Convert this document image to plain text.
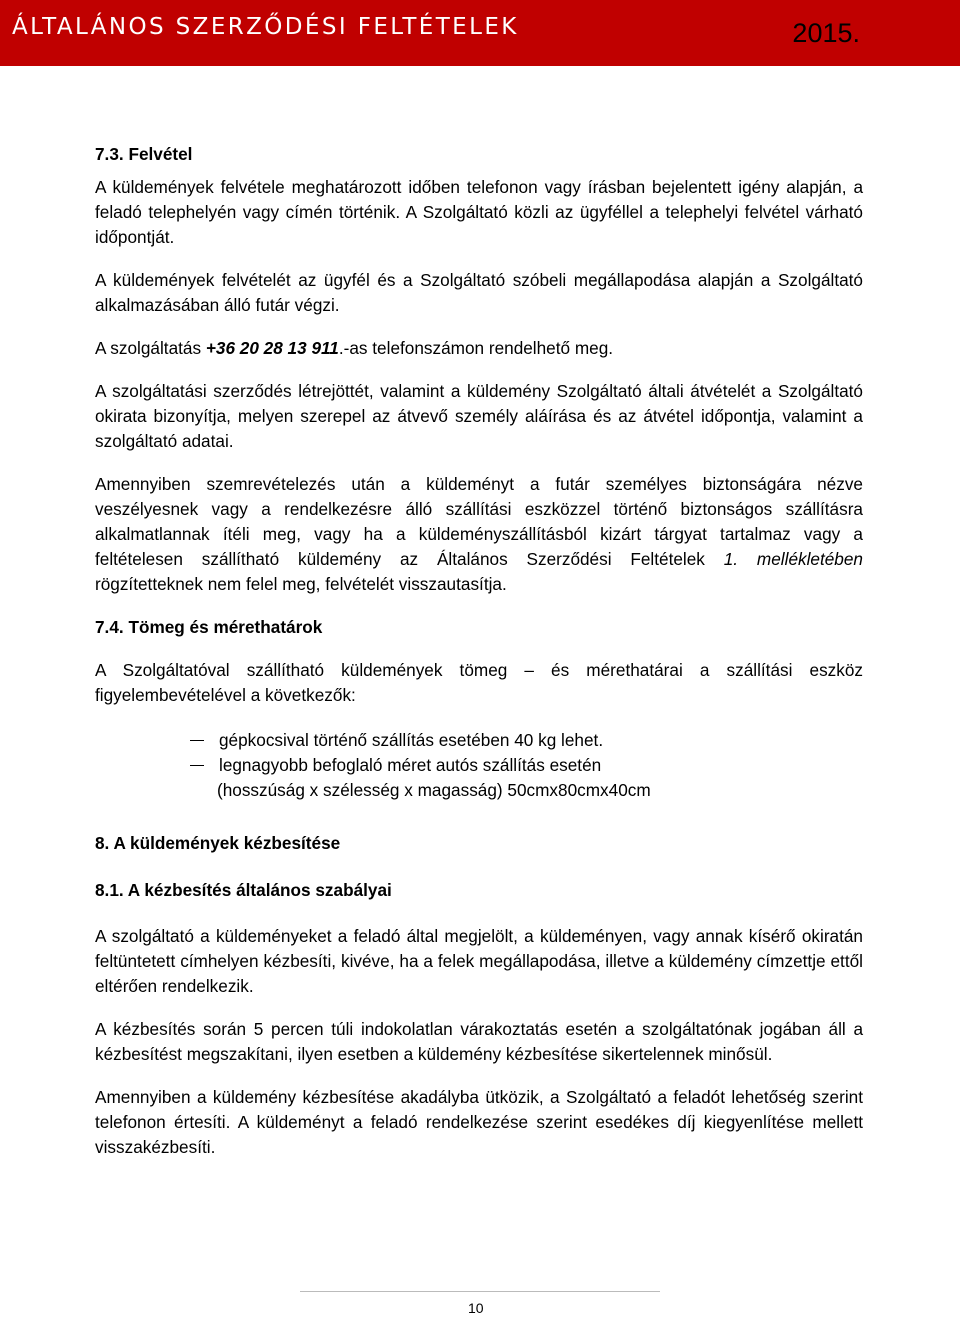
ÁLTALÁNOS SZERZŐDÉSI FELTÉTELEK	2015.
7.3. Felvétel

A küldemények felvétele meghatározott időben telefonon vagy írásban bejelentett igény alapján, a feladó telephelyén vagy címén történik. A Szolgáltató közli az ügyféllel a telephelyi felvétel várható időpontját.

A küldemények felvételét az ügyfél és a Szolgáltató szóbeli megállapodása alapján a Szolgáltató alkalmazásában álló futár végzi.

A szolgáltatás +36 20 28 13 911.-as telefonszámon rendelhető meg.

A szolgáltatási szerződés létrejöttét, valamint a küldemény Szolgáltató általi átvételét a Szolgáltató okirata bizonyítja, melyen szerepel az átvevő személy aláírása és az átvétel időpontja, valamint a szolgáltató adatai.

Amennyiben szemrevételezés után a küldeményt a futár személyes biztonságára nézve veszélyesnek vagy a rendelkezésre álló szállítási eszközzel történő biztonságos szállításra alkalmatlannak ítéli meg, vagy ha a küldeményszállításból kizárt tárgyat tartalmaz vagy a feltételesen szállítható küldemény az Általános Szerződési Feltételek 1. mellékletében rögzítetteknek nem felel meg, felvételét visszautasítja.

7.4. Tömeg és mérethatárok

A Szolgáltatóval szállítható küldemények tömeg – és mérethatárai a szállítási eszköz figyelembevételével a következők:

gépkocsival történő szállítás esetében 40 kg lehet.
legnagyobb befoglaló méret autós szállítás esetén
(hosszúság x szélesség x magasság) 50cmx80cmx40cm
8. A küldemények kézbesítése
8.1. A kézbesítés általános szabályai

A szolgáltató a küldeményeket a feladó által megjelölt, a küldeményen, vagy annak kísérő okiratán feltüntetett címhelyen kézbesíti, kivéve, ha a felek megállapodása, illetve a küldemény címzettje ettől eltérően rendelkezik.

A kézbesítés során 5 percen túli indokolatlan várakoztatás esetén a szolgáltatónak jogában áll a kézbesítést megszakítani, ilyen esetben a küldemény kézbesítése sikertelennek minősül.

Amennyiben a küldemény kézbesítése akadályba ütközik, a Szolgáltató a feladót lehetőség szerint telefonon értesíti. A küldeményt a feladó rendelkezése szerint esedékes díj kiegyenlítése mellett visszakézbesíti.

10
